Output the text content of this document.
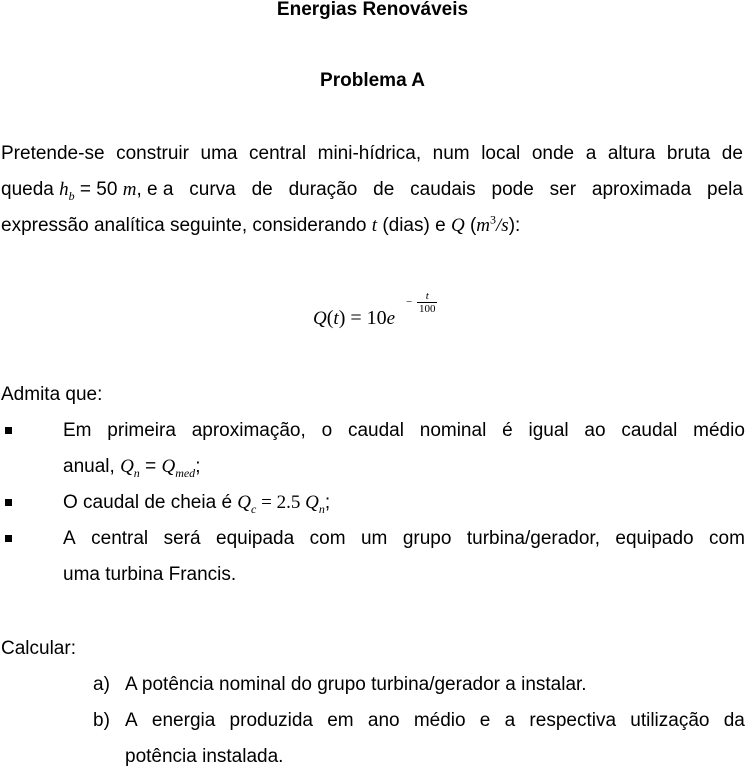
Energias Renováveis
Problema A
Pretende-se construir uma central mini-hídrica, num local onde a altura bruta de
queda $h_b = 50$ m, e a curva de duração de caudais pode ser aproximada pela
expressão analítica seguinte, considerando t (dias) e Q $(m^3/s)$:
Q(t) = 10e
− $\frac{t}{100}$
Admita que:
Em primeira aproximação, o caudal nominal é igual ao caudal médio
anual, $Q_n = Q_{med}$;
O caudal de cheia é $Q_c = 2.5$ $Q_n$;
A central será equipada com um grupo turbina/gerador, equipado com
uma turbina Francis.
Calcular:
a) A potência nominal do grupo turbina/gerador a instalar.
b) A energia produzida em ano médio e a respectiva utilização da
potência instalada.
